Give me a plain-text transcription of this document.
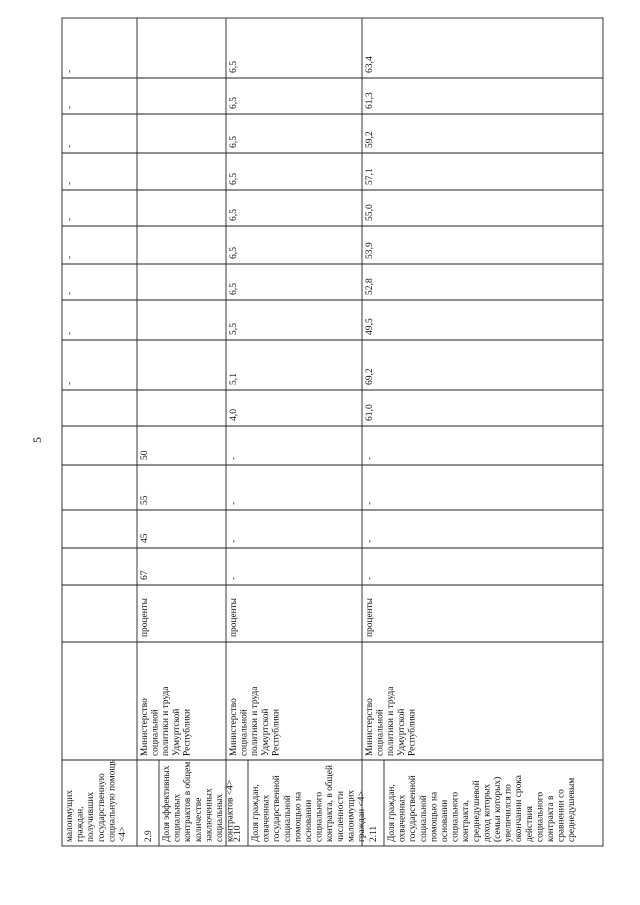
5
малоимущихграждан,получившихгосударственнуюсоциальную помощь<4>
-
-
-
-
-
-
-
-
-
2.9 Доля эффективныхсоциальныхконтрактов в общемколичествезаключенныхсоциальныхконтрактов <4>
Министерствосоциальнойполитики и трудаУдмуртскойРеспублики
проценты
67
45
55
50
2.10 Доля граждан,охваченныхгосударственнойсоциальнойпомощью наоснованиисоциальногоконтракта, в общейчисленностималоимущихграждан <4>
Министерствосоциальнойполитики и трудаУдмуртскойРеспублики
проценты
-
-
-
-
4,0
5,1
5,5
6,5
6,5
6,5
6,5
6,5
6,5
6,5
2.11 Доля граждан,охваченныхгосударственнойсоциальнойпомощью наоснованиисоциальногоконтракта,среднедушевойдоход которых(семьи которых)увеличился поокончании срокадействиясоциальногоконтракта всравнении сосреднедушевым
Министерствосоциальнойполитики и трудаУдмуртскойРеспублики
проценты
-
-
-
-
61,0
69,2
49,5
52,8
53,9
55,0
57,1
59,2
61,3
63,4
